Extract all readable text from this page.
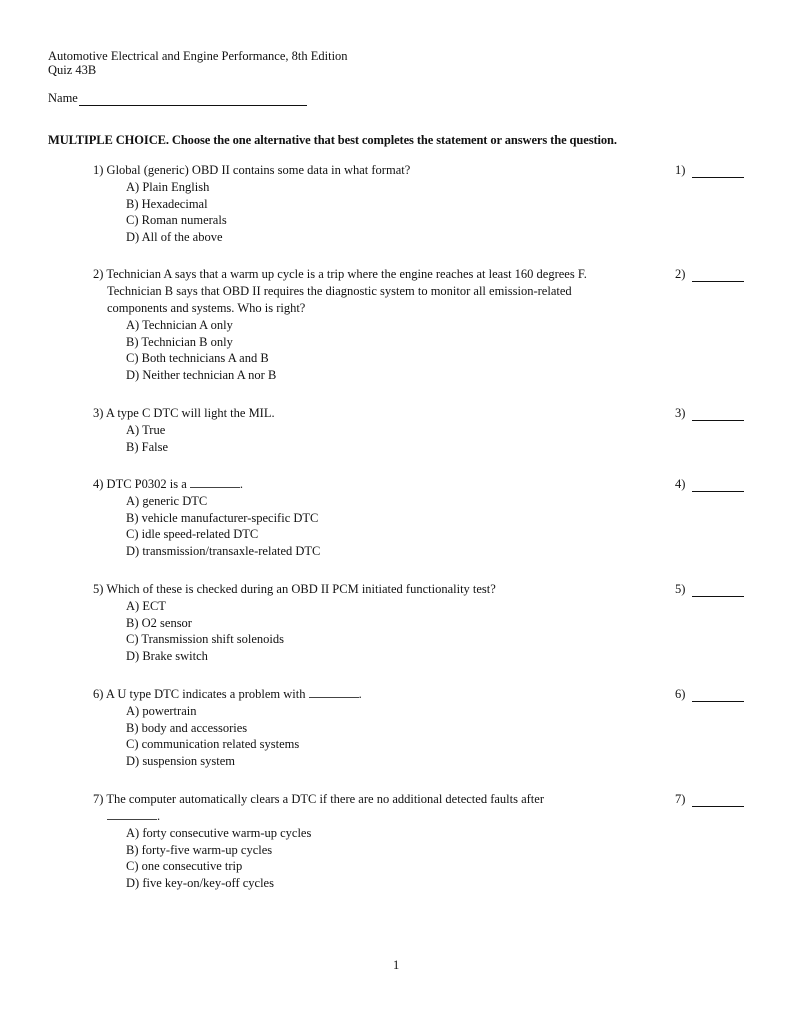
Automotive Electrical and Engine Performance, 8th Edition
Quiz 43B
Name
MULTIPLE CHOICE. Choose the one alternative that best completes the statement or answers the question.
1) Global (generic) OBD II contains some data in what format?
A) Plain English
B) Hexadecimal
C) Roman numerals
D) All of the above
1)
2) Technician A says that a warm up cycle is a trip where the engine reaches at least 160 degrees F.
Technician B says that OBD II requires the diagnostic system to monitor all emission-related
components and systems. Who is right?
A) Technician A only
B) Technician B only
C) Both technicians A and B
D) Neither technician A nor B
2)
3) A type C DTC will light the MIL.
A) True
B) False
3)
4) DTC P0302 is a	.
A) generic DTC
B) vehicle manufacturer-specific DTC
C) idle speed-related DTC
D) transmission/transaxle-related DTC
4)
5) Which of these is checked during an OBD II PCM initiated functionality test?
A) ECT
B) O2 sensor
C) Transmission shift solenoids
D) Brake switch
5)
6) A U type DTC indicates a problem with	.
A) powertrain
B) body and accessories
C) communication related systems
D) suspension system
6)
7) The computer automatically clears a DTC if there are no additional detected faults after
.
A) forty consecutive warm-up cycles
B) forty-five warm-up cycles
C) one consecutive trip
D) five key-on/key-off cycles
7)
1
